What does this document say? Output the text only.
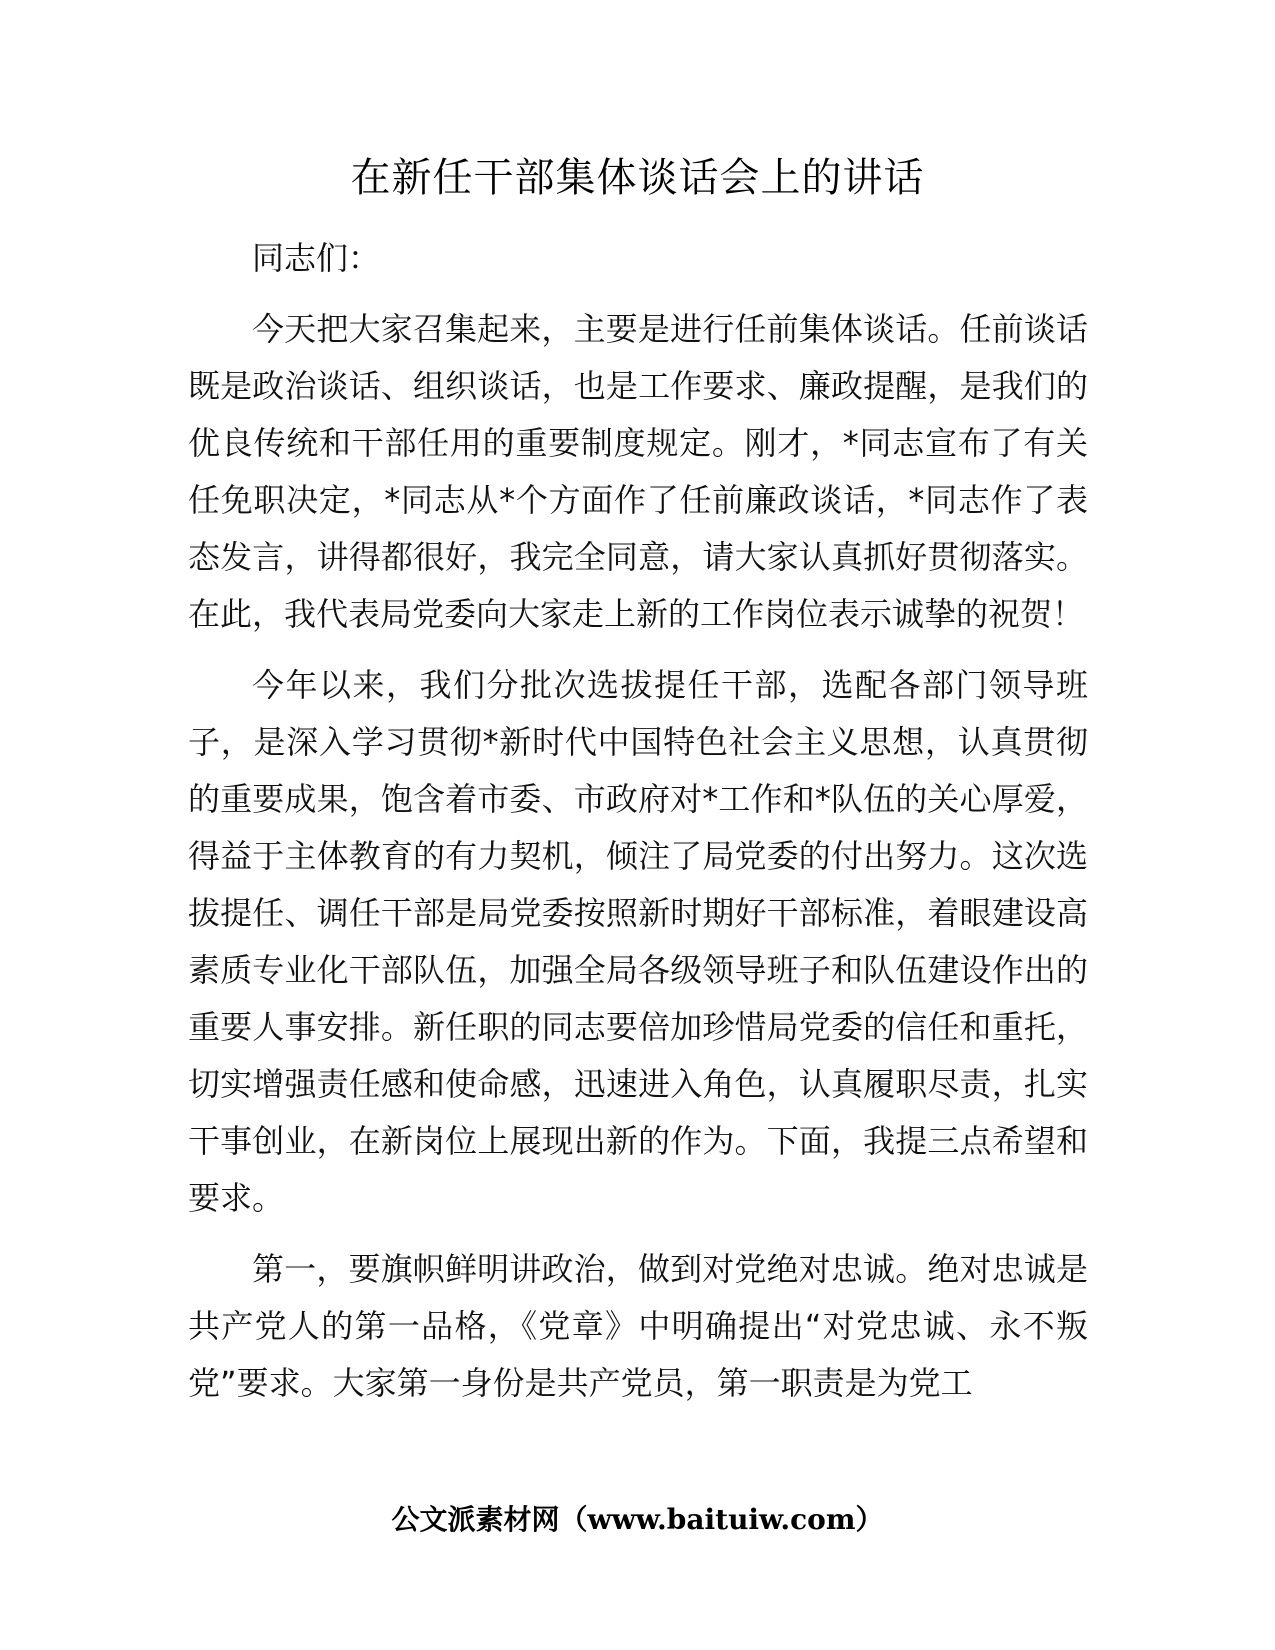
在新任干部集体谈话会上的讲话

同志们：

今天把大家召集起来，主要是进行任前集体谈话。任前谈话既是政治谈话、组织谈话，也是工作要求、廉政提醒，是我们的优良传统和干部任用的重要制度规定。刚才，*同志宣布了有关任免职决定，*同志从*个方面作了任前廉政谈话，*同志作了表态发言，讲得都很好，我完全同意，请大家认真抓好贯彻落实。在此，我代表局党委向大家走上新的工作岗位表示诚挚的祝贺！

今年以来，我们分批次选拔提任干部，选配各部门领导班子，是深入学习贯彻*新时代中国特色社会主义思想，认真贯彻的重要成果，饱含着市委、市政府对*工作和*队伍的关心厚爱，得益于主体教育的有力契机，倾注了局党委的付出努力。这次选拔提任、调任干部是局党委按照新时期好干部标准，着眼建设高素质专业化干部队伍，加强全局各级领导班子和队伍建设作出的重要人事安排。新任职的同志要倍加珍惜局党委的信任和重托，切实增强责任感和使命感，迅速进入角色，认真履职尽责，扎实干事创业，在新岗位上展现出新的作为。下面，我提三点希望和要求。

第一，要旗帜鲜明讲政治，做到对党绝对忠诚。绝对忠诚是共产党人的第一品格，《党章》中明确提出“对党忠诚、永不叛党”要求。大家第一身份是共产党员，第一职责是为党工

公文派素材网（www.baituiw.com）
